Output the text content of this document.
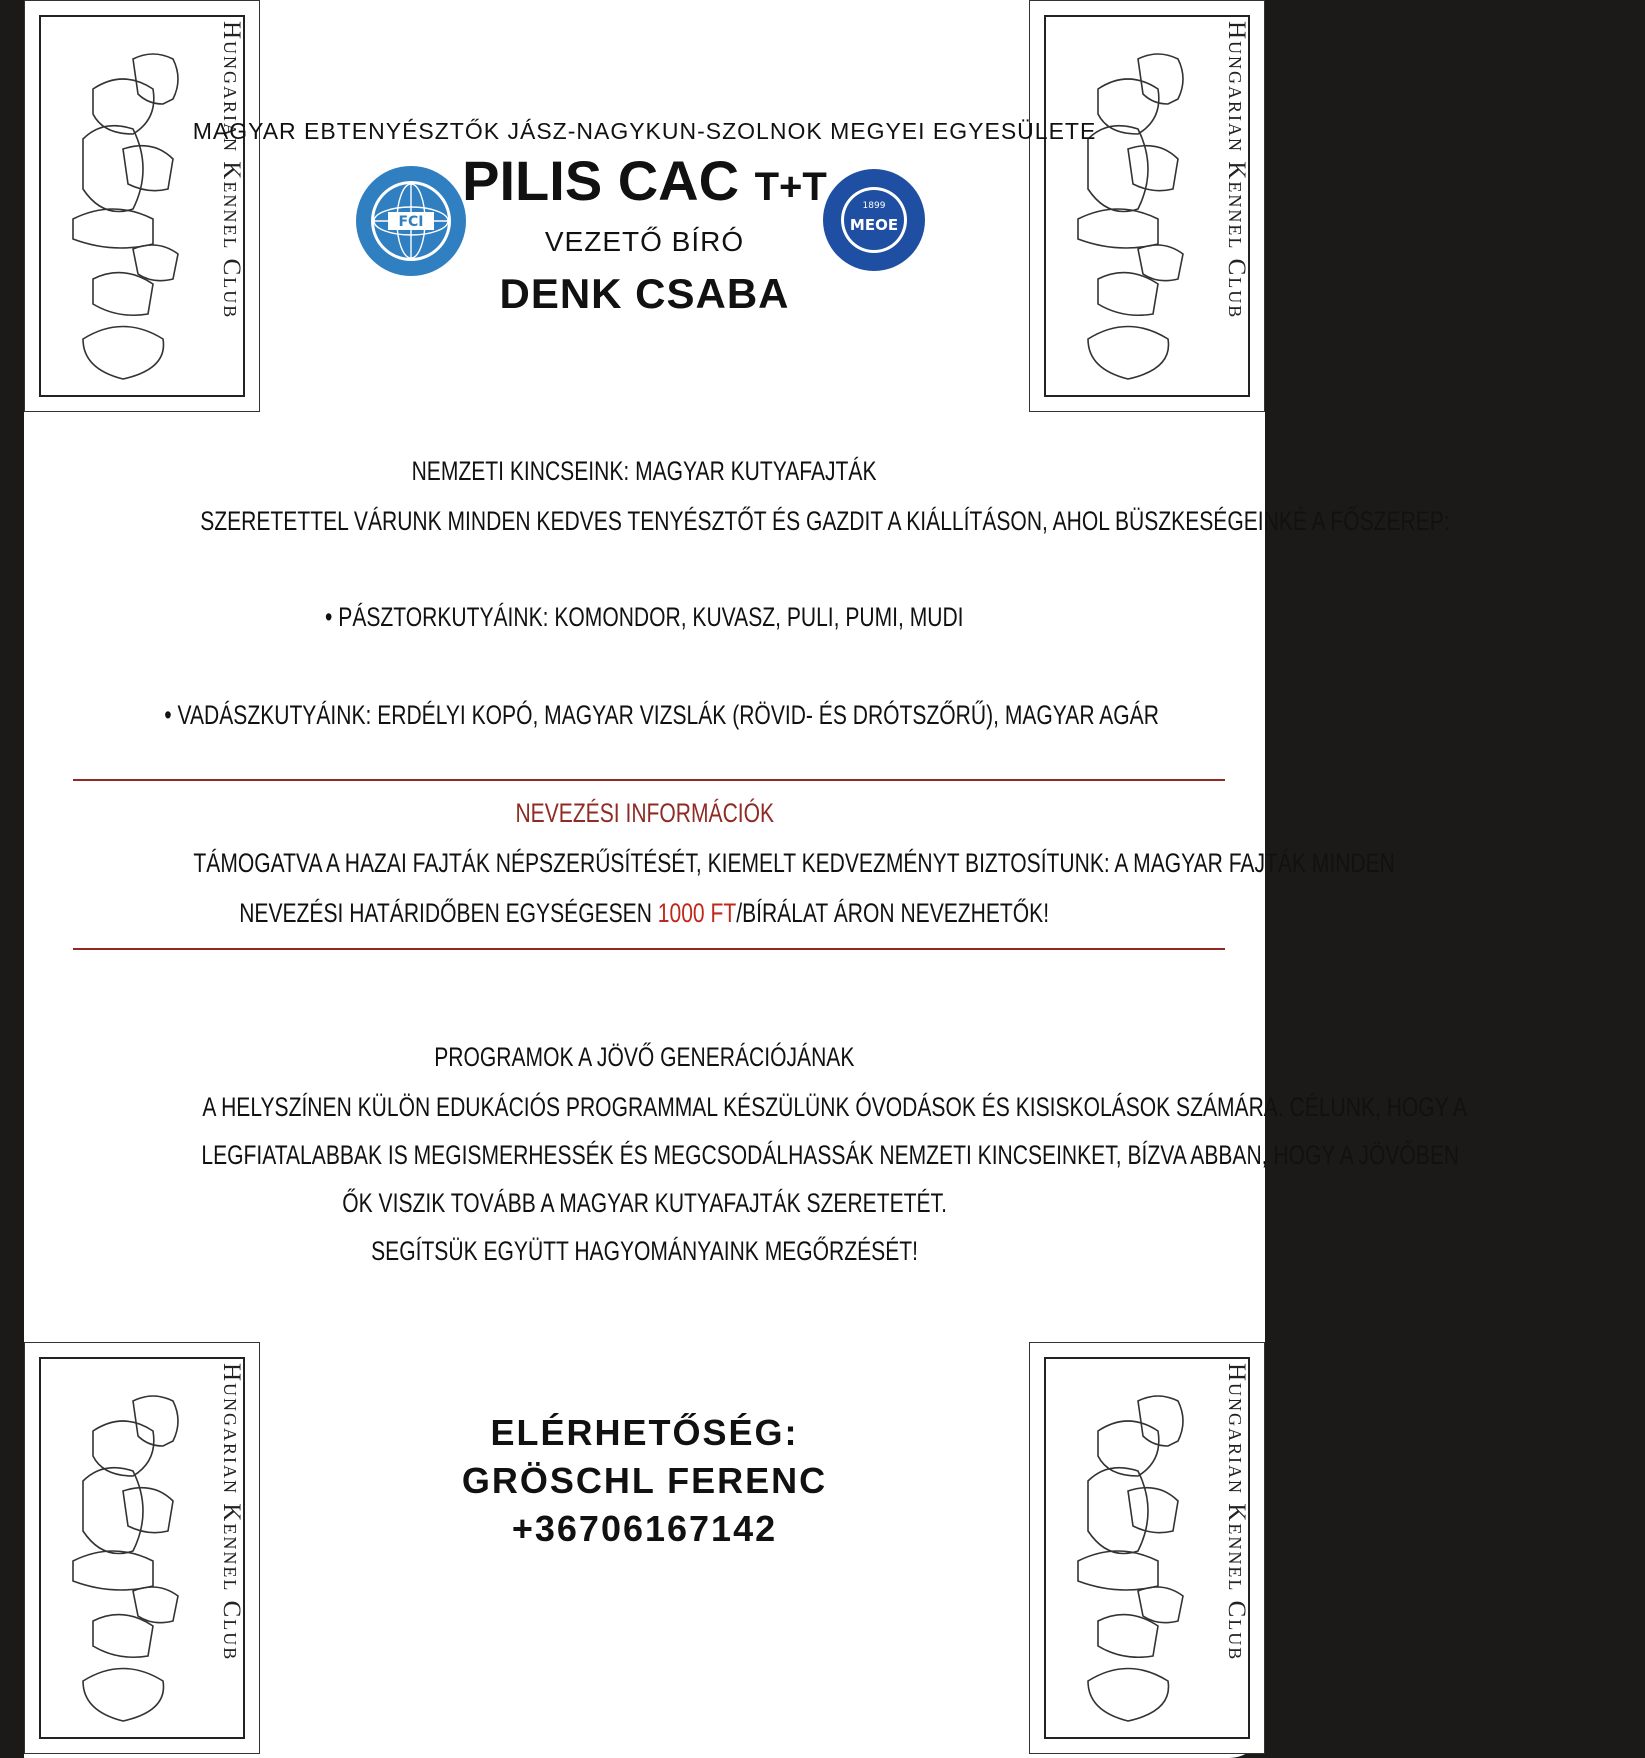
Hungarian Kennel Club	Hungarian Kennel Club
Hungarian Kennel Club	Hungarian Kennel Club
MAGYAR EBTENYÉSZTŐK JÁSZ-NAGYKUN-SZOLNOK MEGYEI EGYESÜLETE
PILIS CAC T+T
VEZETŐ BÍRÓ
DENK CSABA
FCI
1899
MEOE
NEMZETI KINCSEINK: MAGYAR KUTYAFAJTÁK
SZERETETTEL VÁRUNK MINDEN KEDVES TENYÉSZTŐT ÉS GAZDIT A KIÁLLÍTÁSON, AHOL BÜSZKESÉGEINKÉ A FŐSZEREP:
• PÁSZTORKUTYÁINK: KOMONDOR, KUVASZ, PULI, PUMI, MUDI
• VADÁSZKUTYÁINK: ERDÉLYI KOPÓ, MAGYAR VIZSLÁK (RÖVID- ÉS DRÓTSZŐRŰ), MAGYAR AGÁR
NEVEZÉSI INFORMÁCIÓK
TÁMOGATVA A HAZAI FAJTÁK NÉPSZERŰSÍTÉSÉT, KIEMELT KEDVEZMÉNYT BIZTOSÍTUNK: A MAGYAR FAJTÁK MINDEN
NEVEZÉSI HATÁRIDŐBEN EGYSÉGESEN 1000 FT/BÍRÁLAT ÁRON NEVEZHETŐK!
PROGRAMOK A JÖVŐ GENERÁCIÓJÁNAK
A HELYSZÍNEN KÜLÖN EDUKÁCIÓS PROGRAMMAL KÉSZÜLÜNK ÓVODÁSOK ÉS KISISKOLÁSOK SZÁMÁRA. CÉLUNK, HOGY A
LEGFIATALABBAK IS MEGISMERHESSÉK ÉS MEGCSODÁLHASSÁK NEMZETI KINCSEINKET, BÍZVA ABBAN, HOGY A JÖVŐBEN
ŐK VISZIK TOVÁBB A MAGYAR KUTYAFAJTÁK SZERETETÉT.
SEGÍTSÜK EGYÜTT HAGYOMÁNYAINK MEGŐRZÉSÉT!
ELÉRHETŐSÉG:
GRÖSCHL FERENC
+36706167142
